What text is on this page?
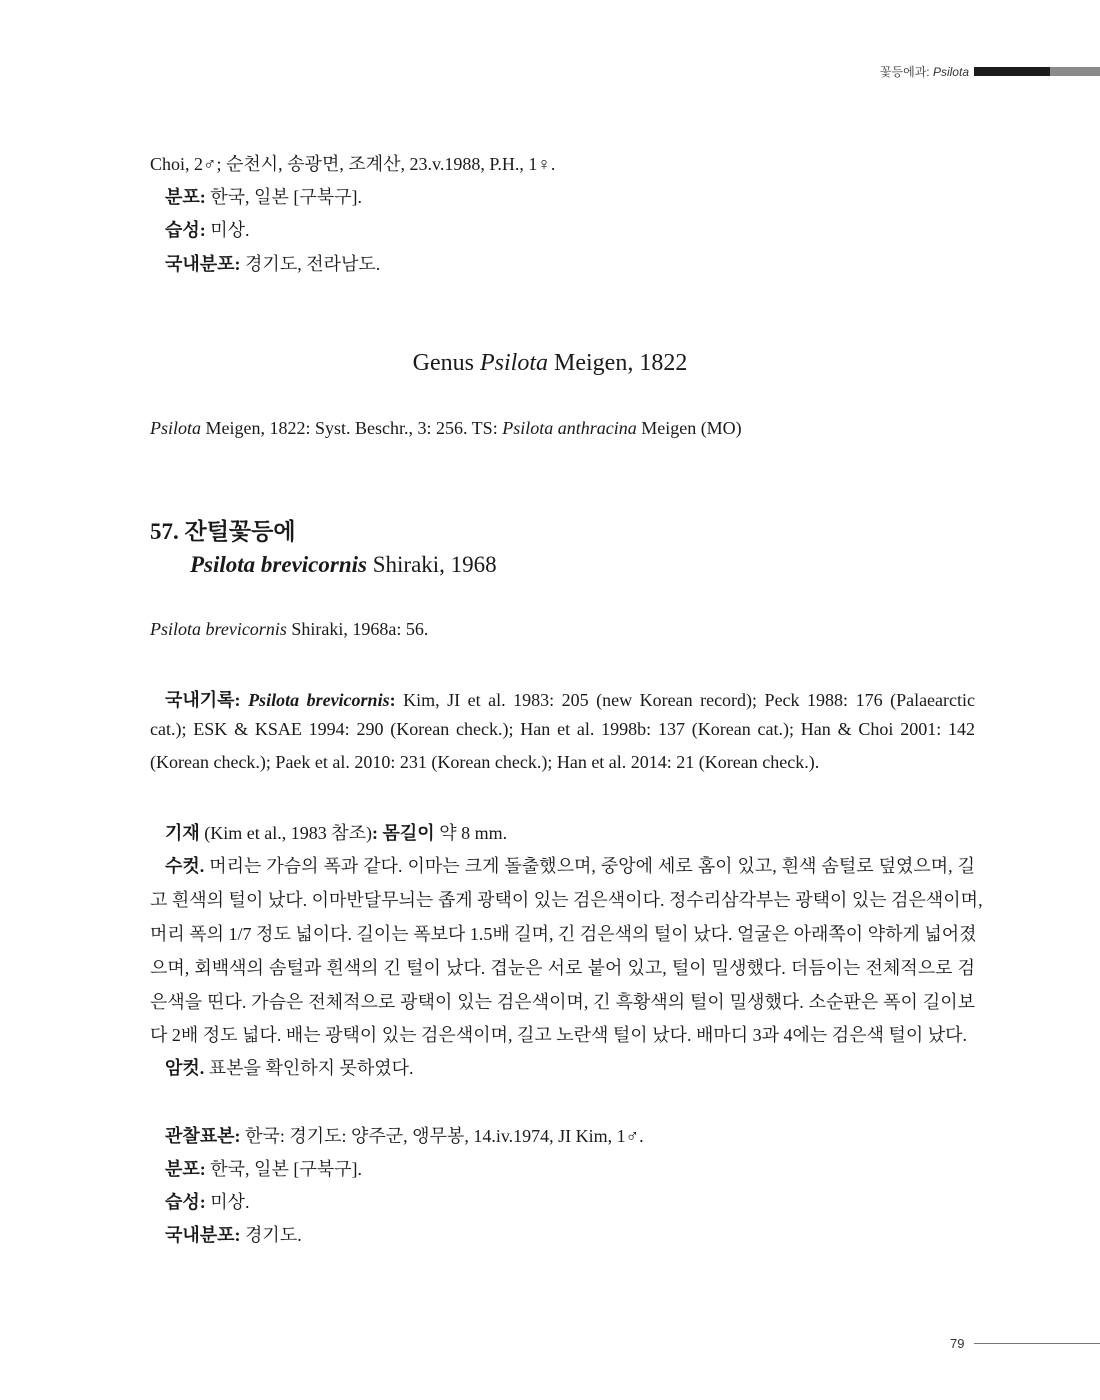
꽃등에과: Psilota
Choi, 2♂; 순천시, 송광면, 조계산, 23.v.1988, P.H., 1♀.
분포: 한국, 일본 [구북구].
습성: 미상.
국내분포: 경기도, 전라남도.
Genus Psilota Meigen, 1822
Psilota Meigen, 1822: Syst. Beschr., 3: 256. TS: Psilota anthracina Meigen (MO)
57. 잔털꽃등에
Psilota brevicornis Shiraki, 1968
Psilota brevicornis Shiraki, 1968a: 56.
국내기록: Psilota brevicornis: Kim, JI et al. 1983: 205 (new Korean record); Peck 1988: 176 (Palaearctic
cat.); ESK & KSAE 1994: 290 (Korean check.); Han et al. 1998b: 137 (Korean cat.); Han & Choi 2001: 142
(Korean check.); Paek et al. 2010: 231 (Korean check.); Han et al. 2014: 21 (Korean check.).
기재 (Kim et al., 1983 참조): 몸길이 약 8 mm.
수컷. 머리는 가슴의 폭과 같다. 이마는 크게 돌출했으며, 중앙에 세로 홈이 있고, 흰색 솜털로 덮였으며, 길
고 흰색의 털이 났다. 이마반달무늬는 좁게 광택이 있는 검은색이다. 정수리삼각부는 광택이 있는 검은색이며,
머리 폭의 1/7 정도 넓이다. 길이는 폭보다 1.5배 길며, 긴 검은색의 털이 났다. 얼굴은 아래쪽이 약하게 넓어졌
으며, 회백색의 솜털과 흰색의 긴 털이 났다. 겹눈은 서로 붙어 있고, 털이 밀생했다. 더듬이는 전체적으로 검
은색을 띤다. 가슴은 전체적으로 광택이 있는 검은색이며, 긴 흑황색의 털이 밀생했다. 소순판은 폭이 길이보
다 2배 정도 넓다. 배는 광택이 있는 검은색이며, 길고 노란색 털이 났다. 배마디 3과 4에는 검은색 털이 났다.
암컷. 표본을 확인하지 못하였다.
관찰표본: 한국: 경기도: 양주군, 앵무봉, 14.iv.1974, JI Kim, 1♂.
분포: 한국, 일본 [구북구].
습성: 미상.
국내분포: 경기도.
79
